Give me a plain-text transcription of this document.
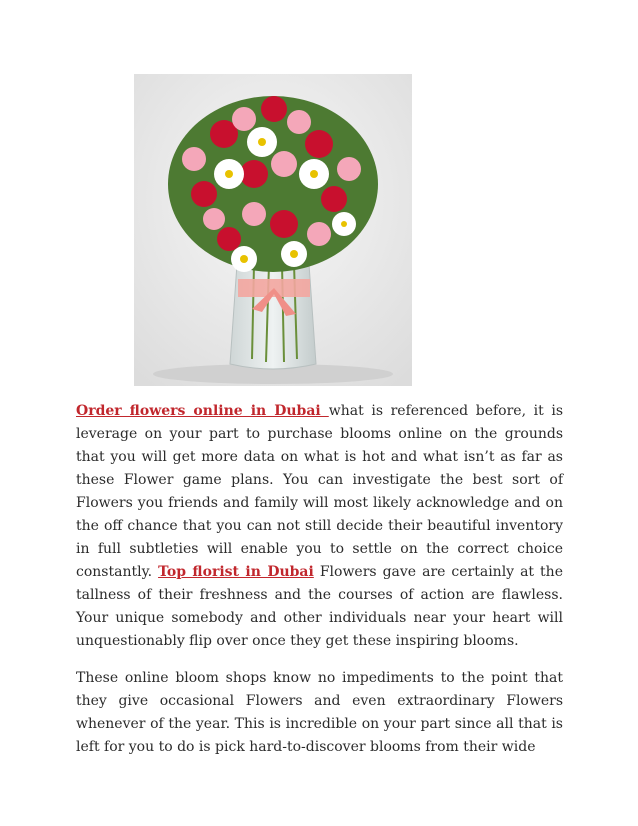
Order flowers online in Dubai what is referenced before, it is leverage on your part to purchase blooms online on the grounds that you will get more data on what is hot and what isn’t as far as these Flower game plans. You can investigate the best sort of Flowers you friends and family will most likely acknowledge and on the off chance that you can not still decide their beautiful inventory in full subtleties will enable you to settle on the correct choice constantly. Top florist in Dubai Flowers gave are certainly at the tallness of their freshness and the courses of action are flawless. Your unique somebody and other individuals near your heart will unquestionably flip over once they get these inspiring blooms.

These online bloom shops know no impediments to the point that they give occasional Flowers and even extraordinary Flowers whenever of the year. This is incredible on your part since all that is left for you to do is pick hard-to-discover blooms from their wide
